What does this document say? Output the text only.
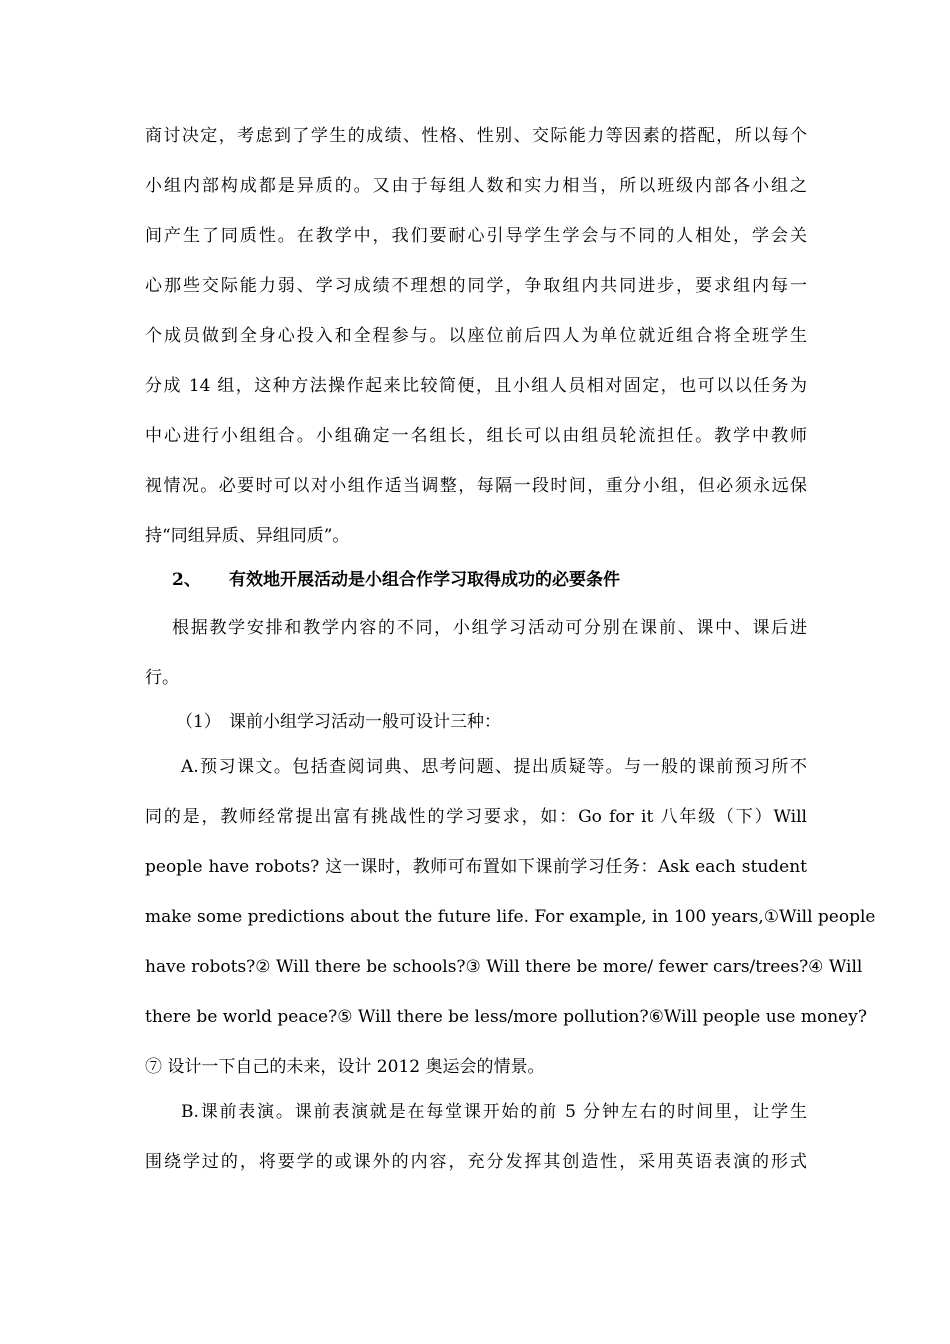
商讨决定，考虑到了学生的成绩、性格、性别、交际能力等因素的搭配，所以每个
小组内部构成都是异质的。又由于每组人数和实力相当，所以班级内部各小组之
间产生了同质性。在教学中，我们要耐心引导学生学会与不同的人相处，学会关
心那些交际能力弱、学习成绩不理想的同学，争取组内共同进步，要求组内每一
个成员做到全身心投入和全程参与。以座位前后四人为单位就近组合将全班学生
分成 14 组，这种方法操作起来比较简便，且小组人员相对固定，也可以以任务为
中心进行小组组合。小组确定一名组长，组长可以由组员轮流担任。教学中教师
视情况。必要时可以对小组作适当调整，每隔一段时间，重分小组，但必须永远保
持“同组异质、异组同质”。
2、 有效地开展活动是小组合作学习取得成功的必要条件
根据教学安排和教学内容的不同，小组学习活动可分别在课前、课中、课后进
行。
（1） 课前小组学习活动一般可设计三种：
A.预习课文。包括查阅词典、思考问题、提出质疑等。与一般的课前预习所不
同的是，教师经常提出富有挑战性的学习要求，如：Go for it 八年级（下）Will
people have robots? 这一课时，教师可布置如下课前学习任务：Ask each student
make some predictions about the future life. For example, in 100 years,①Will people
have robots?② Will there be schools?③ Will there be more/ fewer cars/trees?④ Will
there be world peace?⑤ Will there be less/more pollution?⑥Will people use money?
⑦ 设计一下自己的未来，设计 2012 奥运会的情景。
B.课前表演。课前表演就是在每堂课开始的前 5 分钟左右的时间里，让学生
围绕学过的，将要学的或课外的内容，充分发挥其创造性，采用英语表演的形式
